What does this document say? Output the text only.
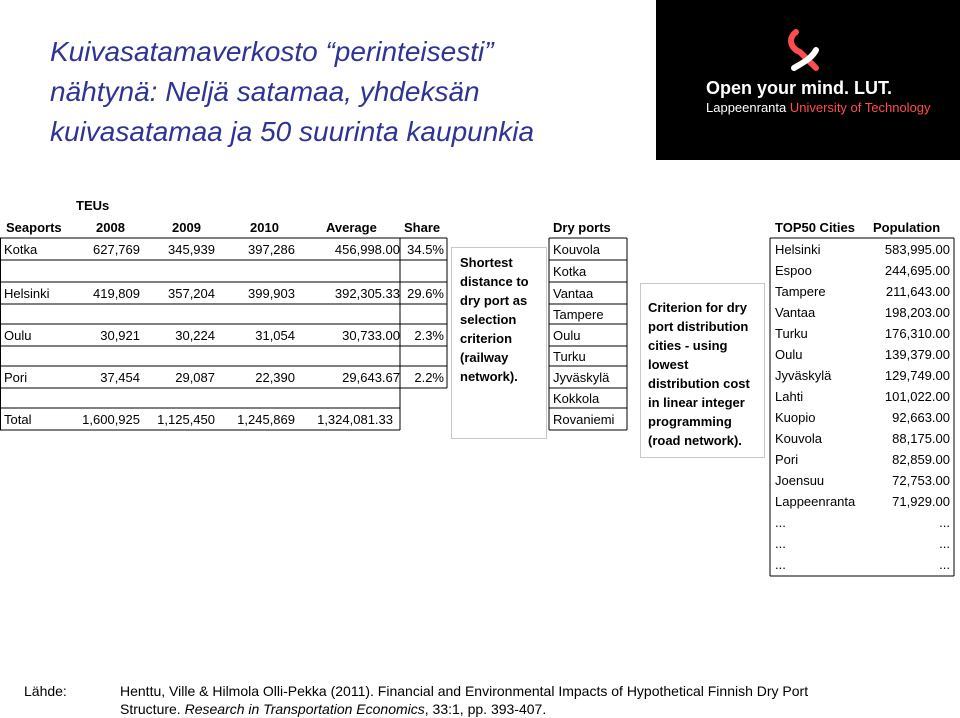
Kuivasatamaverkosto “perinteisesti”
nähtynä: Neljä satamaa, yhdeksän
kuivasatamaa ja 50 suurinta kaupunkia
Open your mind. LUT.
Lappeenranta University of Technology
TEUs
Seaports	2008	2009	2010	Average Share
Kotka	627,769	345,939	397,286	456,998.00 34.5%
Helsinki	419,809	357,204	399,903	392,305.33 29.6%
Oulu	30,921	30,224	31,054	30,733.00	2.3%
Pori	37,454	29,087	22,390	29,643.67	2.2%
Total	1,600,925	1,125,450	1,245,869	1,324,081.33
Shortest
distance to
dry port as
selection
criterion
(railway
network).
Dry ports
Kouvola
Kotka
Vantaa
Tampere
Oulu
Turku
Jyväskylä
Kokkola
Rovaniemi
Criterion for dry
port distribution
cities - using
lowest
distribution cost
in linear integer
programming
(road network).
TOP50 Cities Population
Helsinki	583,995.00
Espoo	244,695.00
Tampere	211,643.00
Vantaa	198,203.00
Turku	176,310.00
Oulu	139,379.00
Jyväskylä	129,749.00
Lahti	101,022.00
Kuopio	92,663.00
Kouvola	88,175.00
Pori	82,859.00
Joensuu	72,753.00
Lappeenranta	71,929.00
...	...
...	...
...	...
Lähde:	Henttu, Ville & Hilmola Olli-Pekka (2011). Financial and Environmental Impacts of Hypothetical Finnish Dry Port
Structure. Research in Transportation Economics, 33:1, pp. 393-407.
